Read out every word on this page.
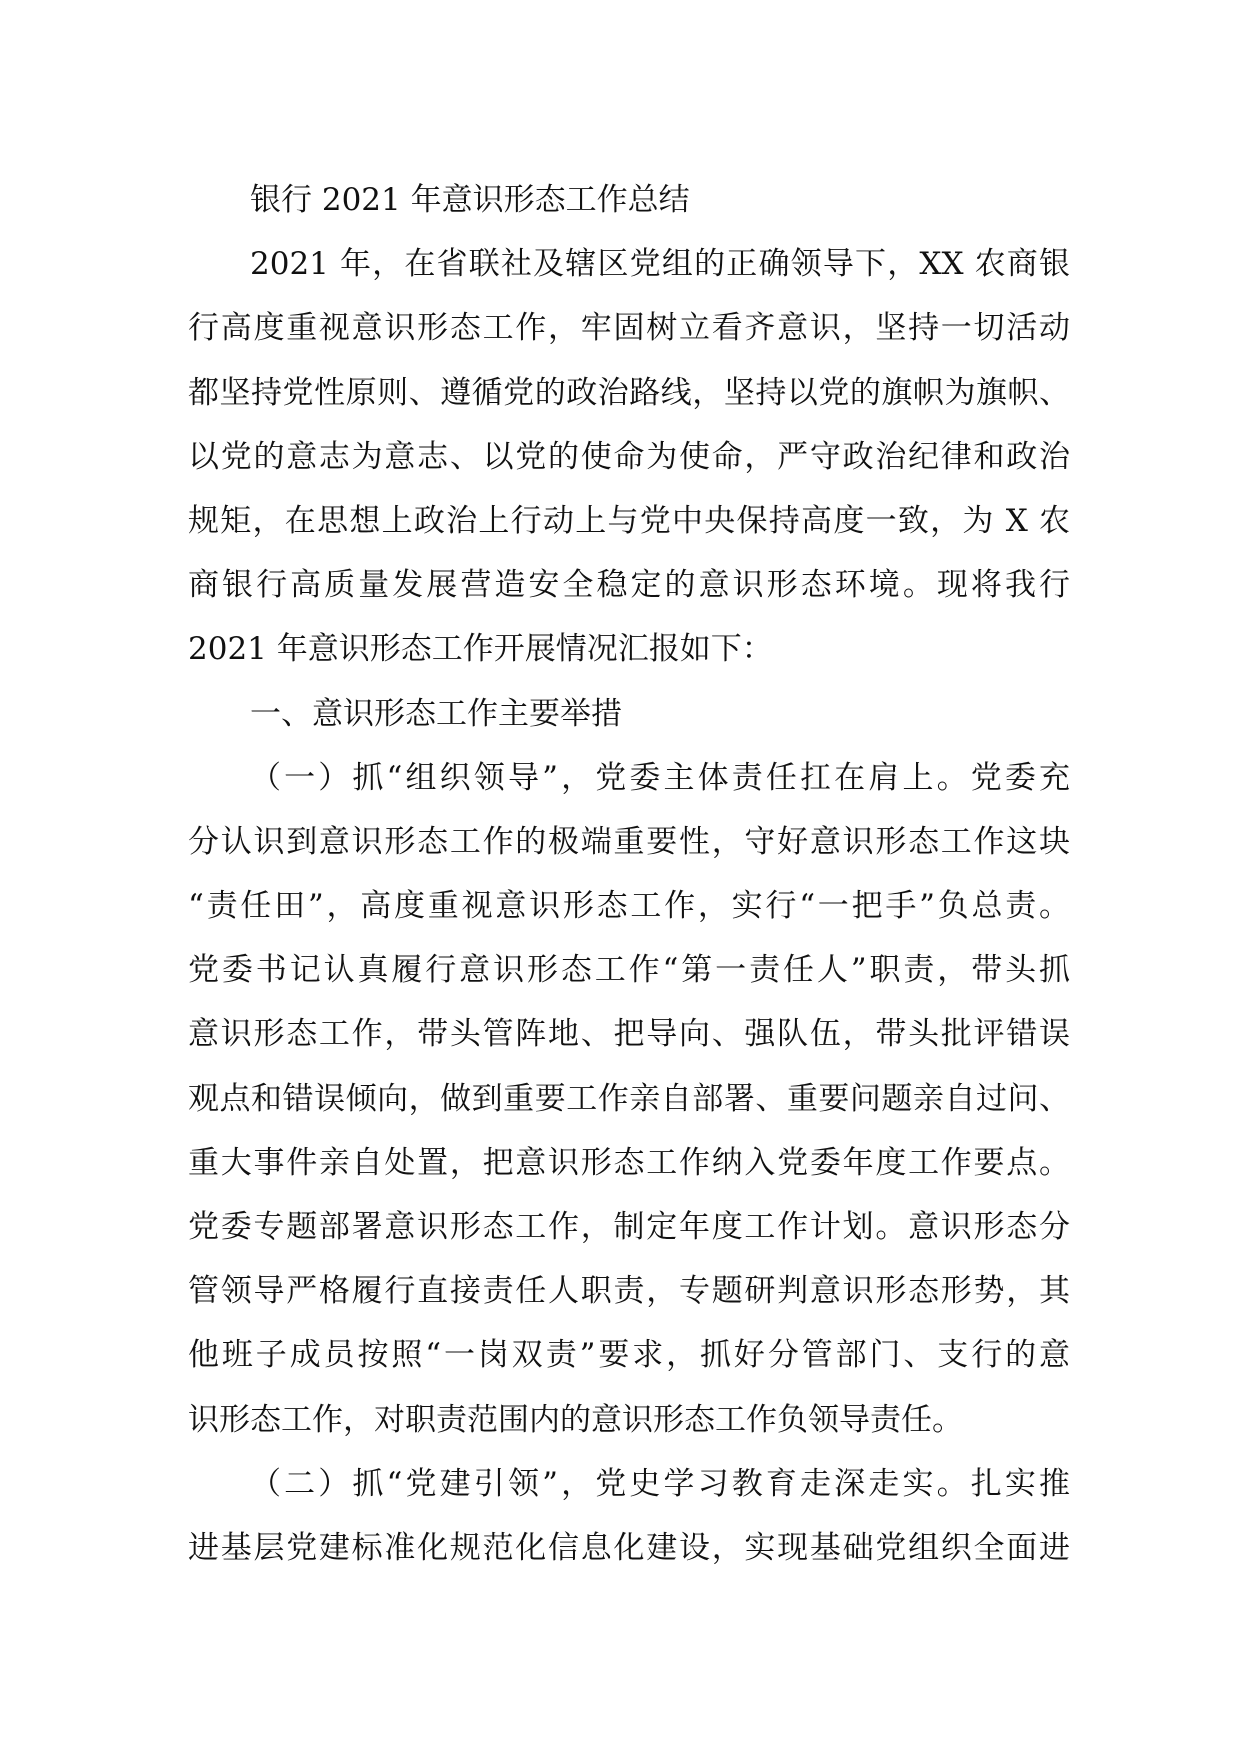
银行 2021 年意识形态工作总结
2021 年，在省联社及辖区党组的正确领导下，XX 农商银
行高度重视意识形态工作，牢固树立看齐意识，坚持一切活动
都坚持党性原则、遵循党的政治路线，坚持以党的旗帜为旗帜、
以党的意志为意志、以党的使命为使命，严守政治纪律和政治
规矩，在思想上政治上行动上与党中央保持高度一致，为 X 农
商银行高质量发展营造安全稳定的意识形态环境。现将我行
2021 年意识形态工作开展情况汇报如下：
一、意识形态工作主要举措
（一）抓“组织领导”，党委主体责任扛在肩上。党委充
分认识到意识形态工作的极端重要性，守好意识形态工作这块
“责任田”，高度重视意识形态工作，实行“一把手”负总责。
党委书记认真履行意识形态工作“第一责任人”职责，带头抓
意识形态工作，带头管阵地、把导向、强队伍，带头批评错误
观点和错误倾向，做到重要工作亲自部署、重要问题亲自过问、
重大事件亲自处置，把意识形态工作纳入党委年度工作要点。
党委专题部署意识形态工作，制定年度工作计划。意识形态分
管领导严格履行直接责任人职责，专题研判意识形态形势，其
他班子成员按照“一岗双责”要求，抓好分管部门、支行的意
识形态工作，对职责范围内的意识形态工作负领导责任。
（二）抓“党建引领”，党史学习教育走深走实。扎实推
进基层党建标准化规范化信息化建设，实现基础党组织全面进
